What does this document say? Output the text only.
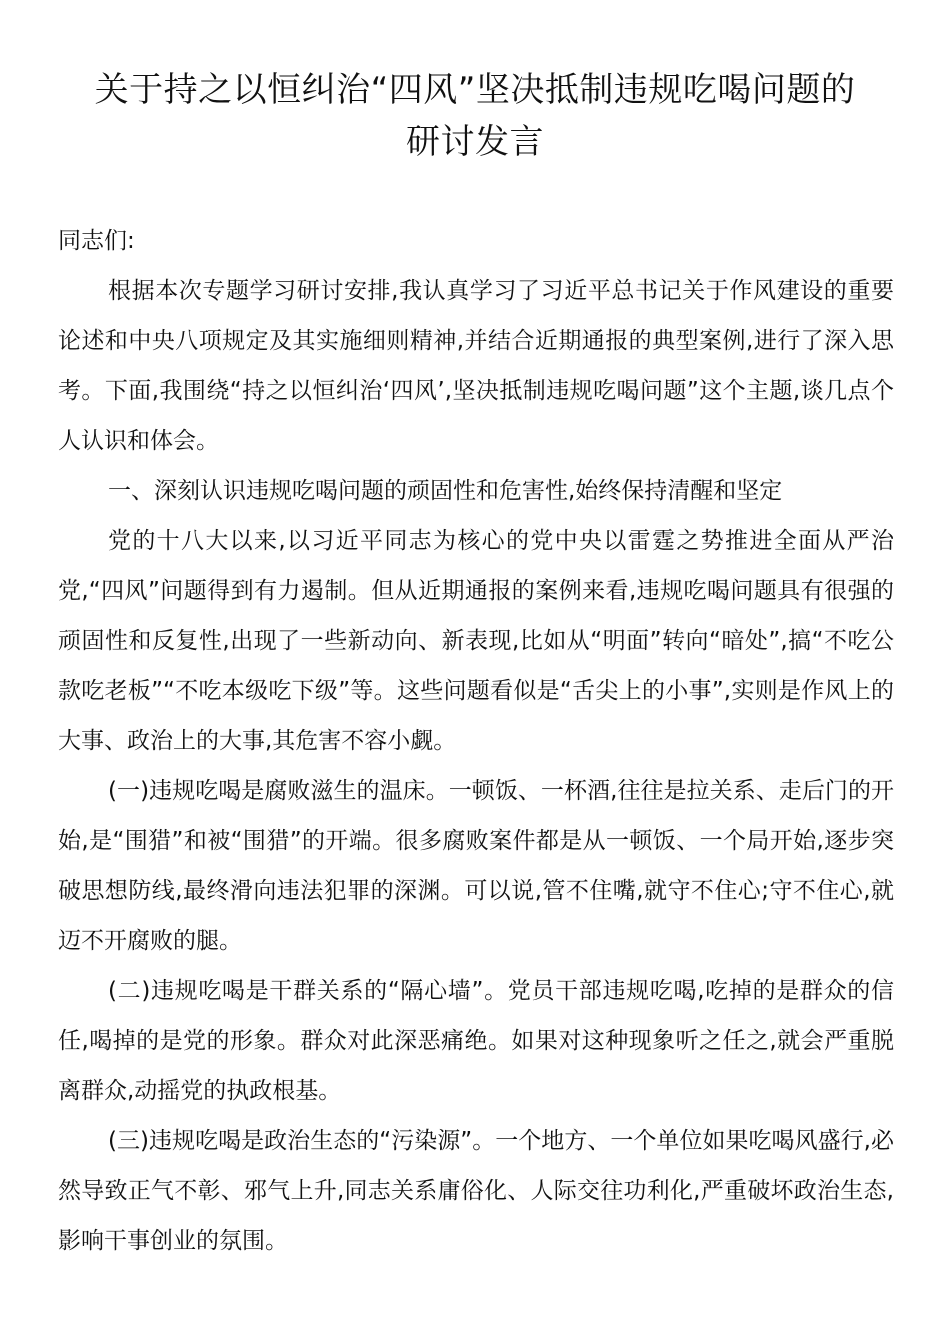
关于持之以恒纠治“四风”坚决抵制违规吃喝问题的
研讨发言

同志们:

根据本次专题学习研讨安排,我认真学习了习近平总书记关于作风建设的重要论述和中央八项规定及其实施细则精神,并结合近期通报的典型案例,进行了深入思考。下面,我围绕“持之以恒纠治‘四风’,坚决抵制违规吃喝问题”这个主题,谈几点个人认识和体会。

一、深刻认识违规吃喝问题的顽固性和危害性,始终保持清醒和坚定

党的十八大以来,以习近平同志为核心的党中央以雷霆之势推进全面从严治党,“四风”问题得到有力遏制。但从近期通报的案例来看,违规吃喝问题具有很强的顽固性和反复性,出现了一些新动向、新表现,比如从“明面”转向“暗处”,搞“不吃公款吃老板”“不吃本级吃下级”等。这些问题看似是“舌尖上的小事”,实则是作风上的大事、政治上的大事,其危害不容小觑。

(一)违规吃喝是腐败滋生的温床。一顿饭、一杯酒,往往是拉关系、走后门的开始,是“围猎”和被“围猎”的开端。很多腐败案件都是从一顿饭、一个局开始,逐步突破思想防线,最终滑向违法犯罪的深渊。可以说,管不住嘴,就守不住心;守不住心,就迈不开腐败的腿。

(二)违规吃喝是干群关系的“隔心墙”。党员干部违规吃喝,吃掉的是群众的信任,喝掉的是党的形象。群众对此深恶痛绝。如果对这种现象听之任之,就会严重脱离群众,动摇党的执政根基。

(三)违规吃喝是政治生态的“污染源”。一个地方、一个单位如果吃喝风盛行,必然导致正气不彰、邪气上升,同志关系庸俗化、人际交往功利化,严重破坏政治生态,影响干事创业的氛围。
